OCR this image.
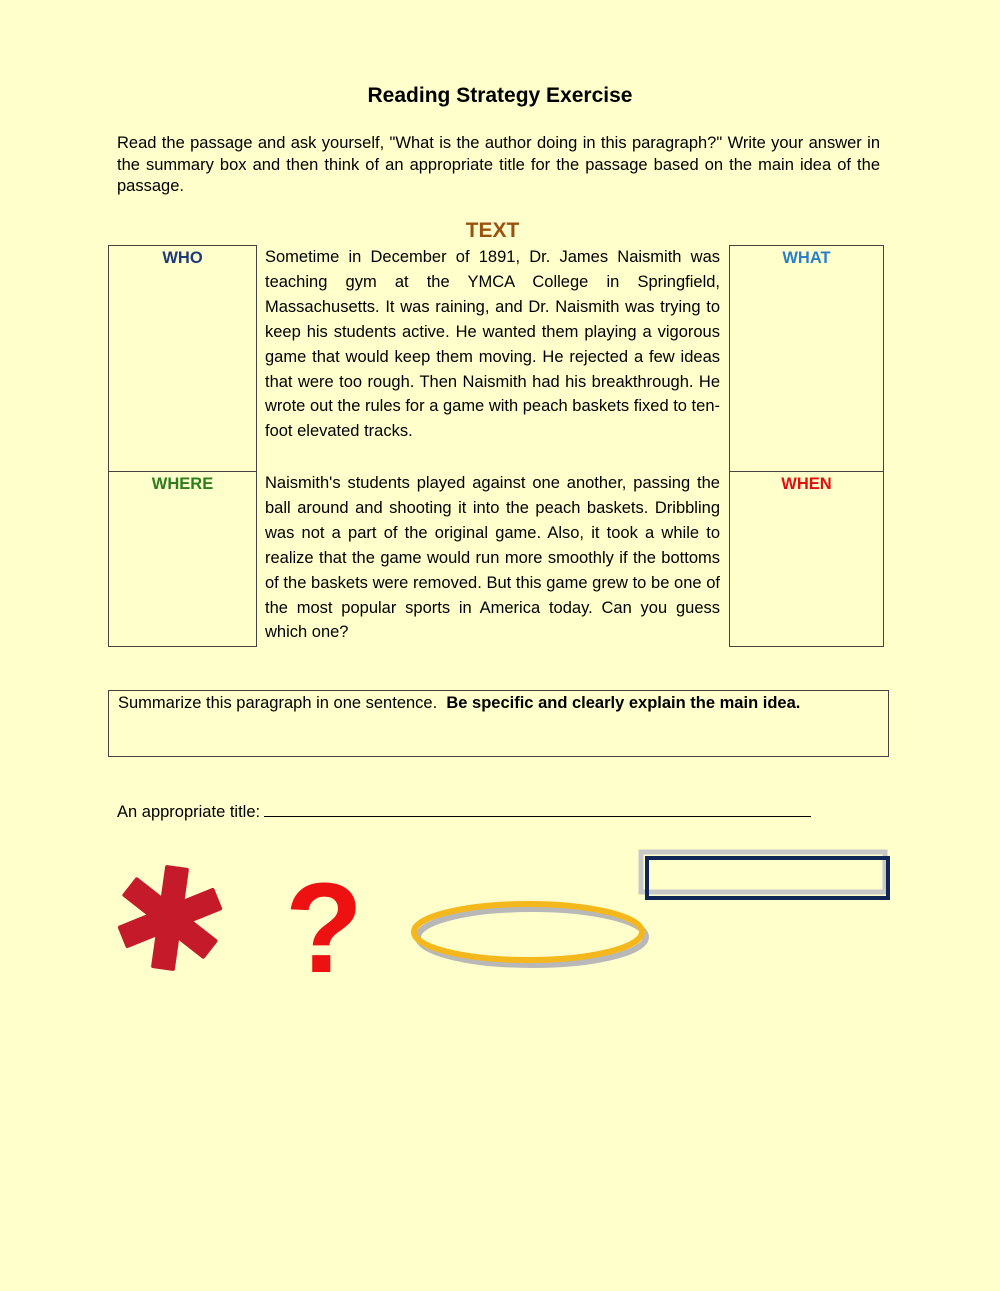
Reading Strategy Exercise
Read the passage and ask yourself, "What is the author doing in this paragraph?" Write your answer in the summary box and then think of an appropriate title for the passage based on the main idea of the passage.
TEXT
WHO
WHERE
WHAT
WHEN
Sometime in December of 1891, Dr. James Naismith was teaching gym at the YMCA College in Springfield, Massachusetts. It was raining, and Dr. Naismith was trying to keep his students active. He wanted them playing a vigorous game that would keep them moving. He rejected a few ideas that were too rough. Then Naismith had his breakthrough. He wrote out the rules for a game with peach baskets fixed to ten-foot elevated tracks.
Naismith's students played against one another, passing the ball around and shooting it into the peach baskets. Dribbling was not a part of the original game. Also, it took a while to realize that the game would run more smoothly if the bottoms of the baskets were removed. But this game grew to be one of the most popular sports in America today. Can you guess which one?
Summarize this paragraph in one sentence. Be specific and clearly explain the main idea.
An appropriate title:
?
